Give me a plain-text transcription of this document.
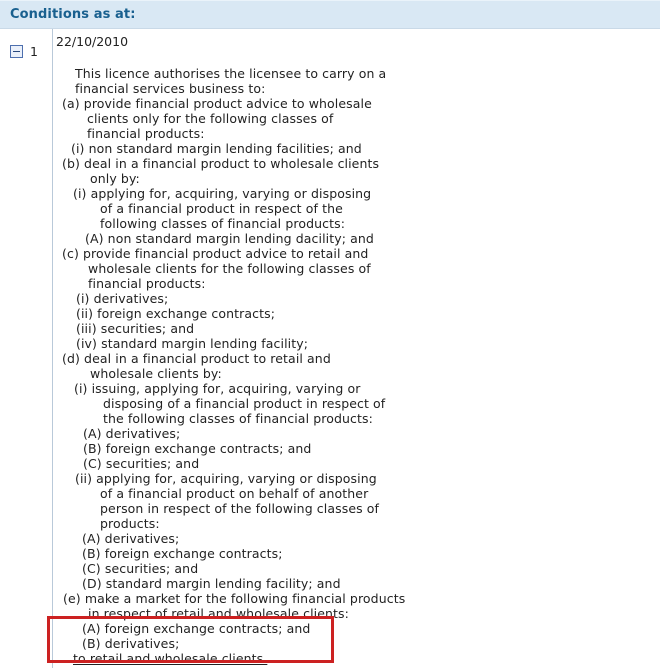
Conditions as at:
1
22/10/2010
This licence authorises the licensee to carry on a
financial services business to:
(a) provide financial product advice to wholesale
clients only for the following classes of
financial products:
(i) non standard margin lending facilities; and
(b) deal in a financial product to wholesale clients
only by:
(i) applying for, acquiring, varying or disposing
of a financial product in respect of the
following classes of financial products:
(A) non standard margin lending dacility; and
(c) provide financial product advice to retail and
wholesale clients for the following classes of
financial products:
(i) derivatives;
(ii) foreign exchange contracts;
(iii) securities; and
(iv) standard margin lending facility;
(d) deal in a financial product to retail and
wholesale clients by:
(i) issuing, applying for, acquiring, varying or
disposing of a financial product in respect of
the following classes of financial products:
(A) derivatives;
(B) foreign exchange contracts; and
(C) securities; and
(ii) applying for, acquiring, varying or disposing
of a financial product on behalf of another
person in respect of the following classes of
products:
(A) derivatives;
(B) foreign exchange contracts;
(C) securities; and
(D) standard margin lending facility; and
(e) make a market for the following financial products
in respect of retail and wholesale clients:
(A) foreign exchange contracts; and
(B) derivatives;
to retail and wholesale clients.
